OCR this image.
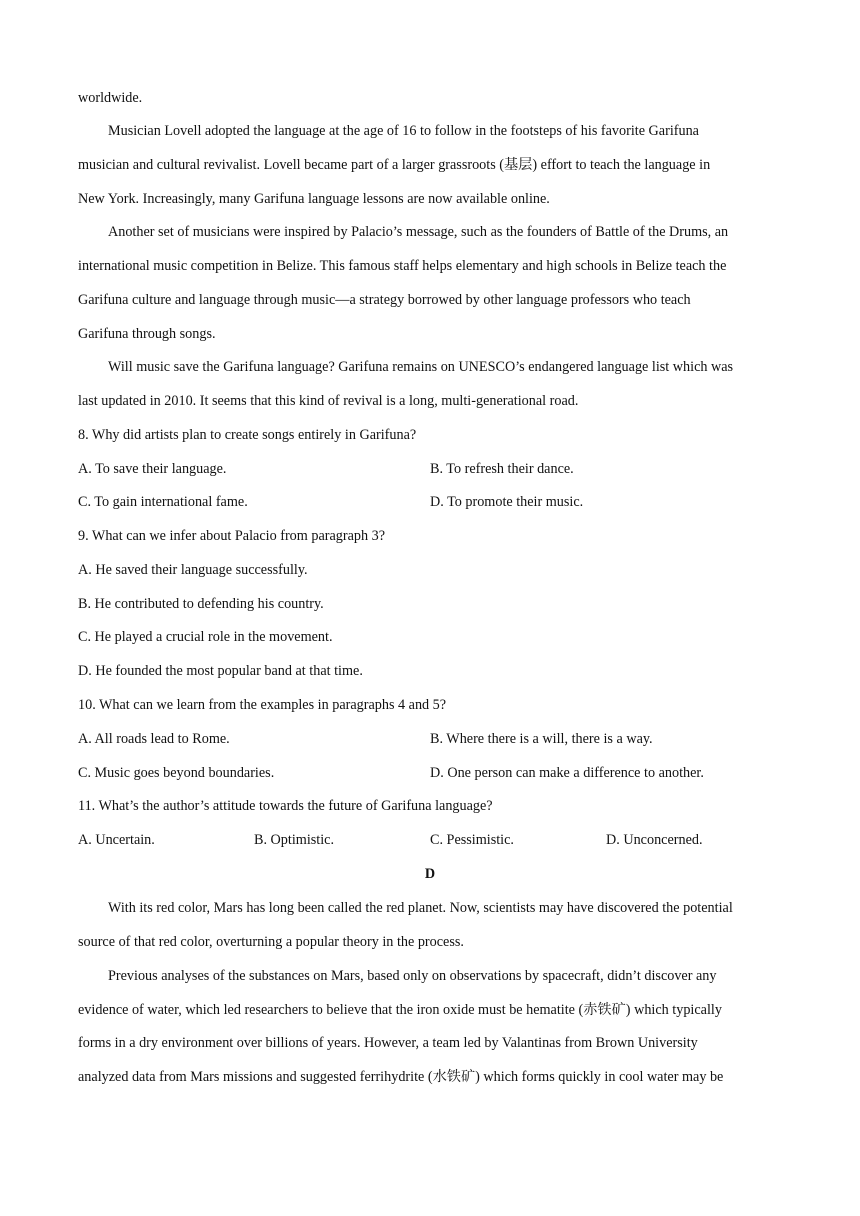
worldwide.
Musician Lovell adopted the language at the age of 16 to follow in the footsteps of his favorite Garifuna
musician and cultural revivalist. Lovell became part of a larger grassroots (基层) effort to teach the language in
New York. Increasingly, many Garifuna language lessons are now available online.
Another set of musicians were inspired by Palacio’s message, such as the founders of Battle of the Drums, an
international music competition in Belize. This famous staff helps elementary and high schools in Belize teach the
Garifuna culture and language through music—a strategy borrowed by other language professors who teach
Garifuna through songs.
Will music save the Garifuna language? Garifuna remains on UNESCO’s endangered language list which was
last updated in 2010. It seems that this kind of revival is a long, multi-generational road.
8. Why did artists plan to create songs entirely in Garifuna?
A. To save their language.	B. To refresh their dance.
C. To gain international fame.	D. To promote their music.
9. What can we infer about Palacio from paragraph 3?
A. He saved their language successfully.
B. He contributed to defending his country.
C. He played a crucial role in the movement.
D. He founded the most popular band at that time.
10. What can we learn from the examples in paragraphs 4 and 5?
A. All roads lead to Rome.	B. Where there is a will, there is a way.
C. Music goes beyond boundaries.	D. One person can make a difference to another.
11. What’s the author’s attitude towards the future of Garifuna language?
A. Uncertain.	B. Optimistic.	C. Pessimistic.	D. Unconcerned.
D
With its red color, Mars has long been called the red planet. Now, scientists may have discovered the potential
source of that red color, overturning a popular theory in the process.
Previous analyses of the substances on Mars, based only on observations by spacecraft, didn’t discover any
evidence of water, which led researchers to believe that the iron oxide must be hematite (赤铁矿) which typically
forms in a dry environment over billions of years. However, a team led by Valantinas from Brown University
analyzed data from Mars missions and suggested ferrihydrite (水铁矿) which forms quickly in cool water may be
